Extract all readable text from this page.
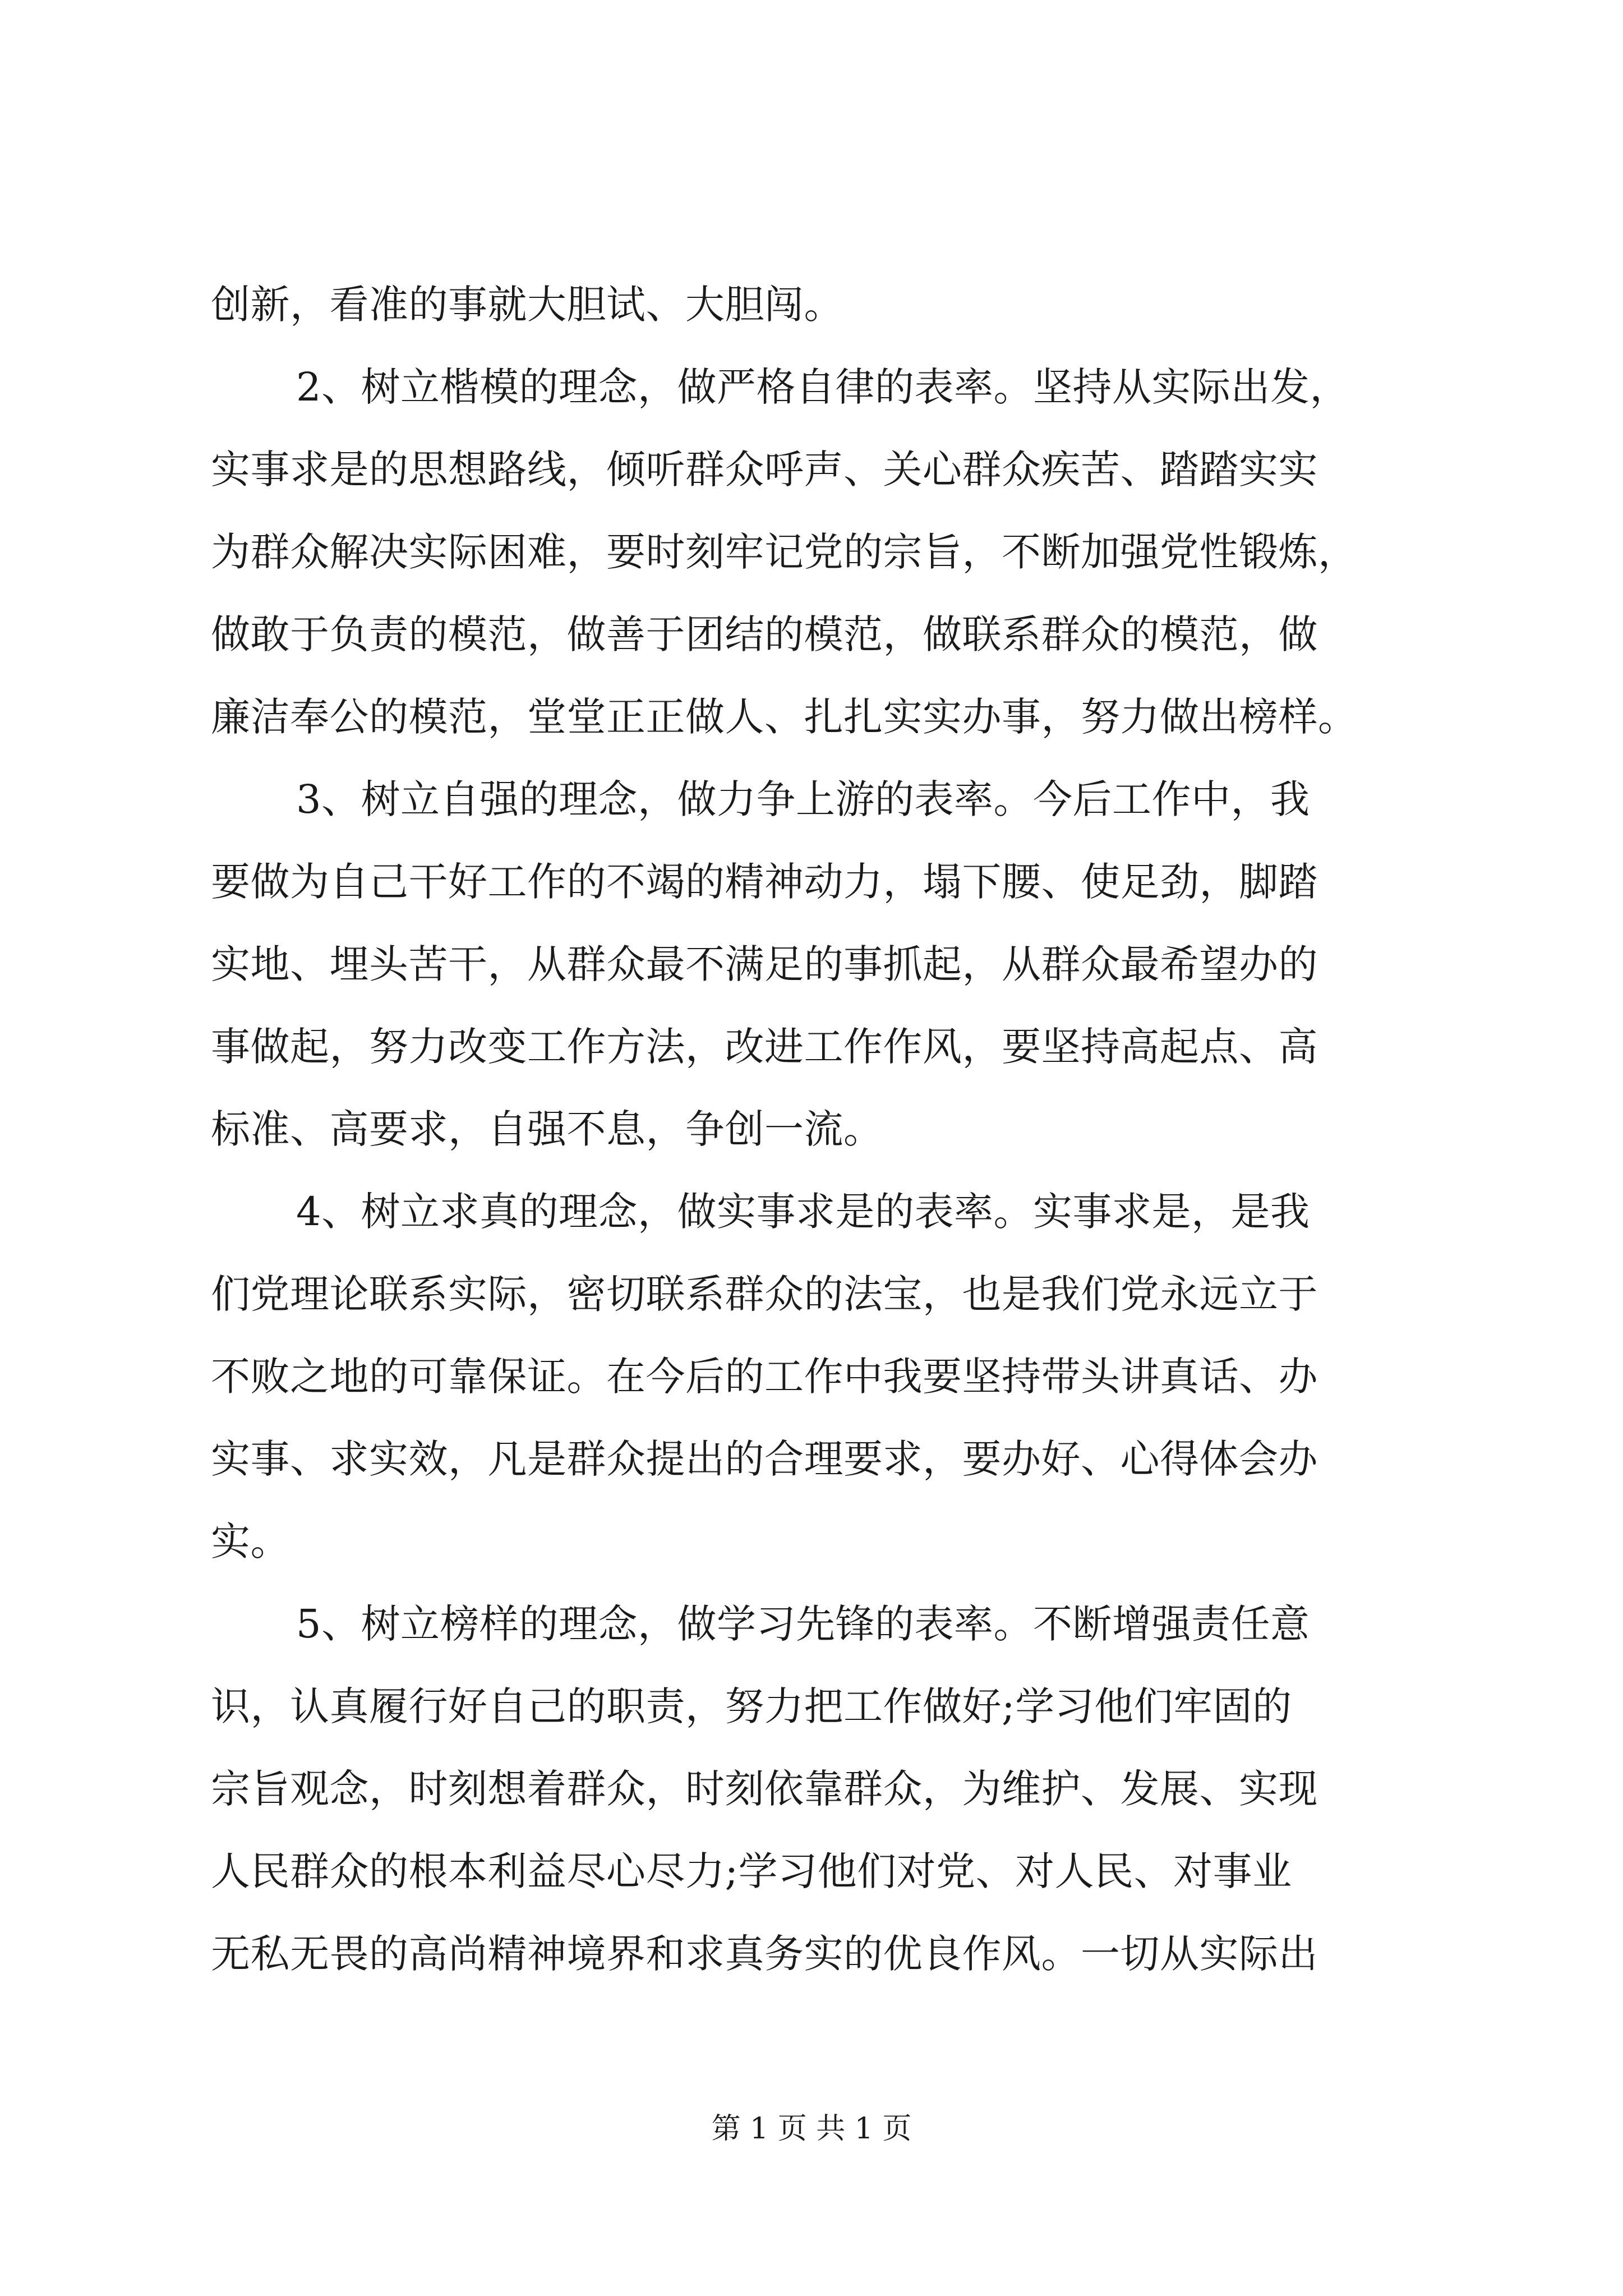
创新，看准的事就大胆试、大胆闯。
2、树立楷模的理念，做严格自律的表率。坚持从实际出发，
实事求是的思想路线，倾听群众呼声、关心群众疾苦、踏踏实实
为群众解决实际困难，要时刻牢记党的宗旨，不断加强党性锻炼，
做敢于负责的模范，做善于团结的模范，做联系群众的模范，做
廉洁奉公的模范，堂堂正正做人、扎扎实实办事，努力做出榜样。
3、树立自强的理念，做力争上游的表率。今后工作中，我
要做为自己干好工作的不竭的精神动力，塌下腰、使足劲，脚踏
实地、埋头苦干，从群众最不满足的事抓起，从群众最希望办的
事做起，努力改变工作方法，改进工作作风，要坚持高起点、高
标准、高要求，自强不息，争创一流。
4、树立求真的理念，做实事求是的表率。实事求是，是我
们党理论联系实际，密切联系群众的法宝，也是我们党永远立于
不败之地的可靠保证。在今后的工作中我要坚持带头讲真话、办
实事、求实效，凡是群众提出的合理要求，要办好、心得体会办
实。
5、树立榜样的理念，做学习先锋的表率。不断增强责任意
识，认真履行好自己的职责，努力把工作做好;学习他们牢固的
宗旨观念，时刻想着群众，时刻依靠群众，为维护、发展、实现
人民群众的根本利益尽心尽力;学习他们对党、对人民、对事业
无私无畏的高尚精神境界和求真务实的优良作风。一切从实际出
第 1 页 共 1 页
